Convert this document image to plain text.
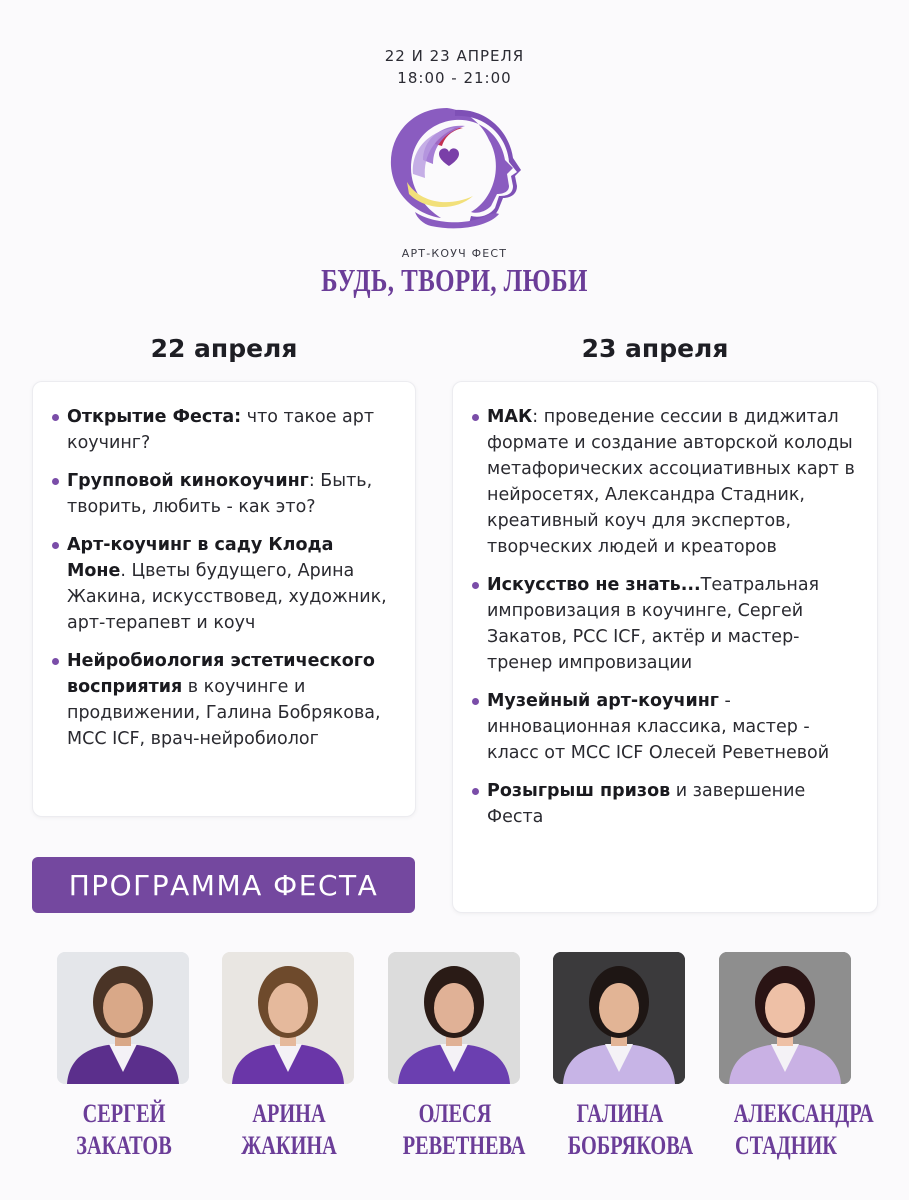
22 И 23 АПРЕЛЯ
18:00 - 21:00
АРТ-КОУЧ ФЕСТ
БУДЬ, ТВОРИ, ЛЮБИ
22 апреля	23 апреля
Открытие Феста: что такое арт коучинг?
Групповой кинокоучинг: Быть, творить, любить - как это?
Арт-коучинг в саду Клода Моне. Цветы будущего, Арина Жакина, искусствовед, художник, арт-терапевт и коуч
Нейробиология эстетического восприятия в коучинге и продвижении, Галина Бобрякова, MCC ICF, врач-нейробиолог
МАК: проведение сессии в диджитал формате и создание авторской колоды метафорических ассоциативных карт в нейросетях, Александра Стадник, креативный коуч для экспертов, творческих людей и креаторов
Искусство не знать...Театральная импровизация в коучинге, Сергей Закатов, PCC ICF, актёр и мастер-тренер импровизации
Музейный арт-коучинг - инновационная классика, мастер - класс от MCC ICF Олесей Реветневой
Розыгрыш призов и завершение Феста
ПРОГРАММА ФЕСТА
СЕРГЕЙ
ЗАКАТОВ
АРИНА
ЖАКИНА
ОЛЕСЯ
РЕВЕТНЕВА
ГАЛИНА
БОБРЯКОВА
АЛЕКСАНДРА
СТАДНИК
